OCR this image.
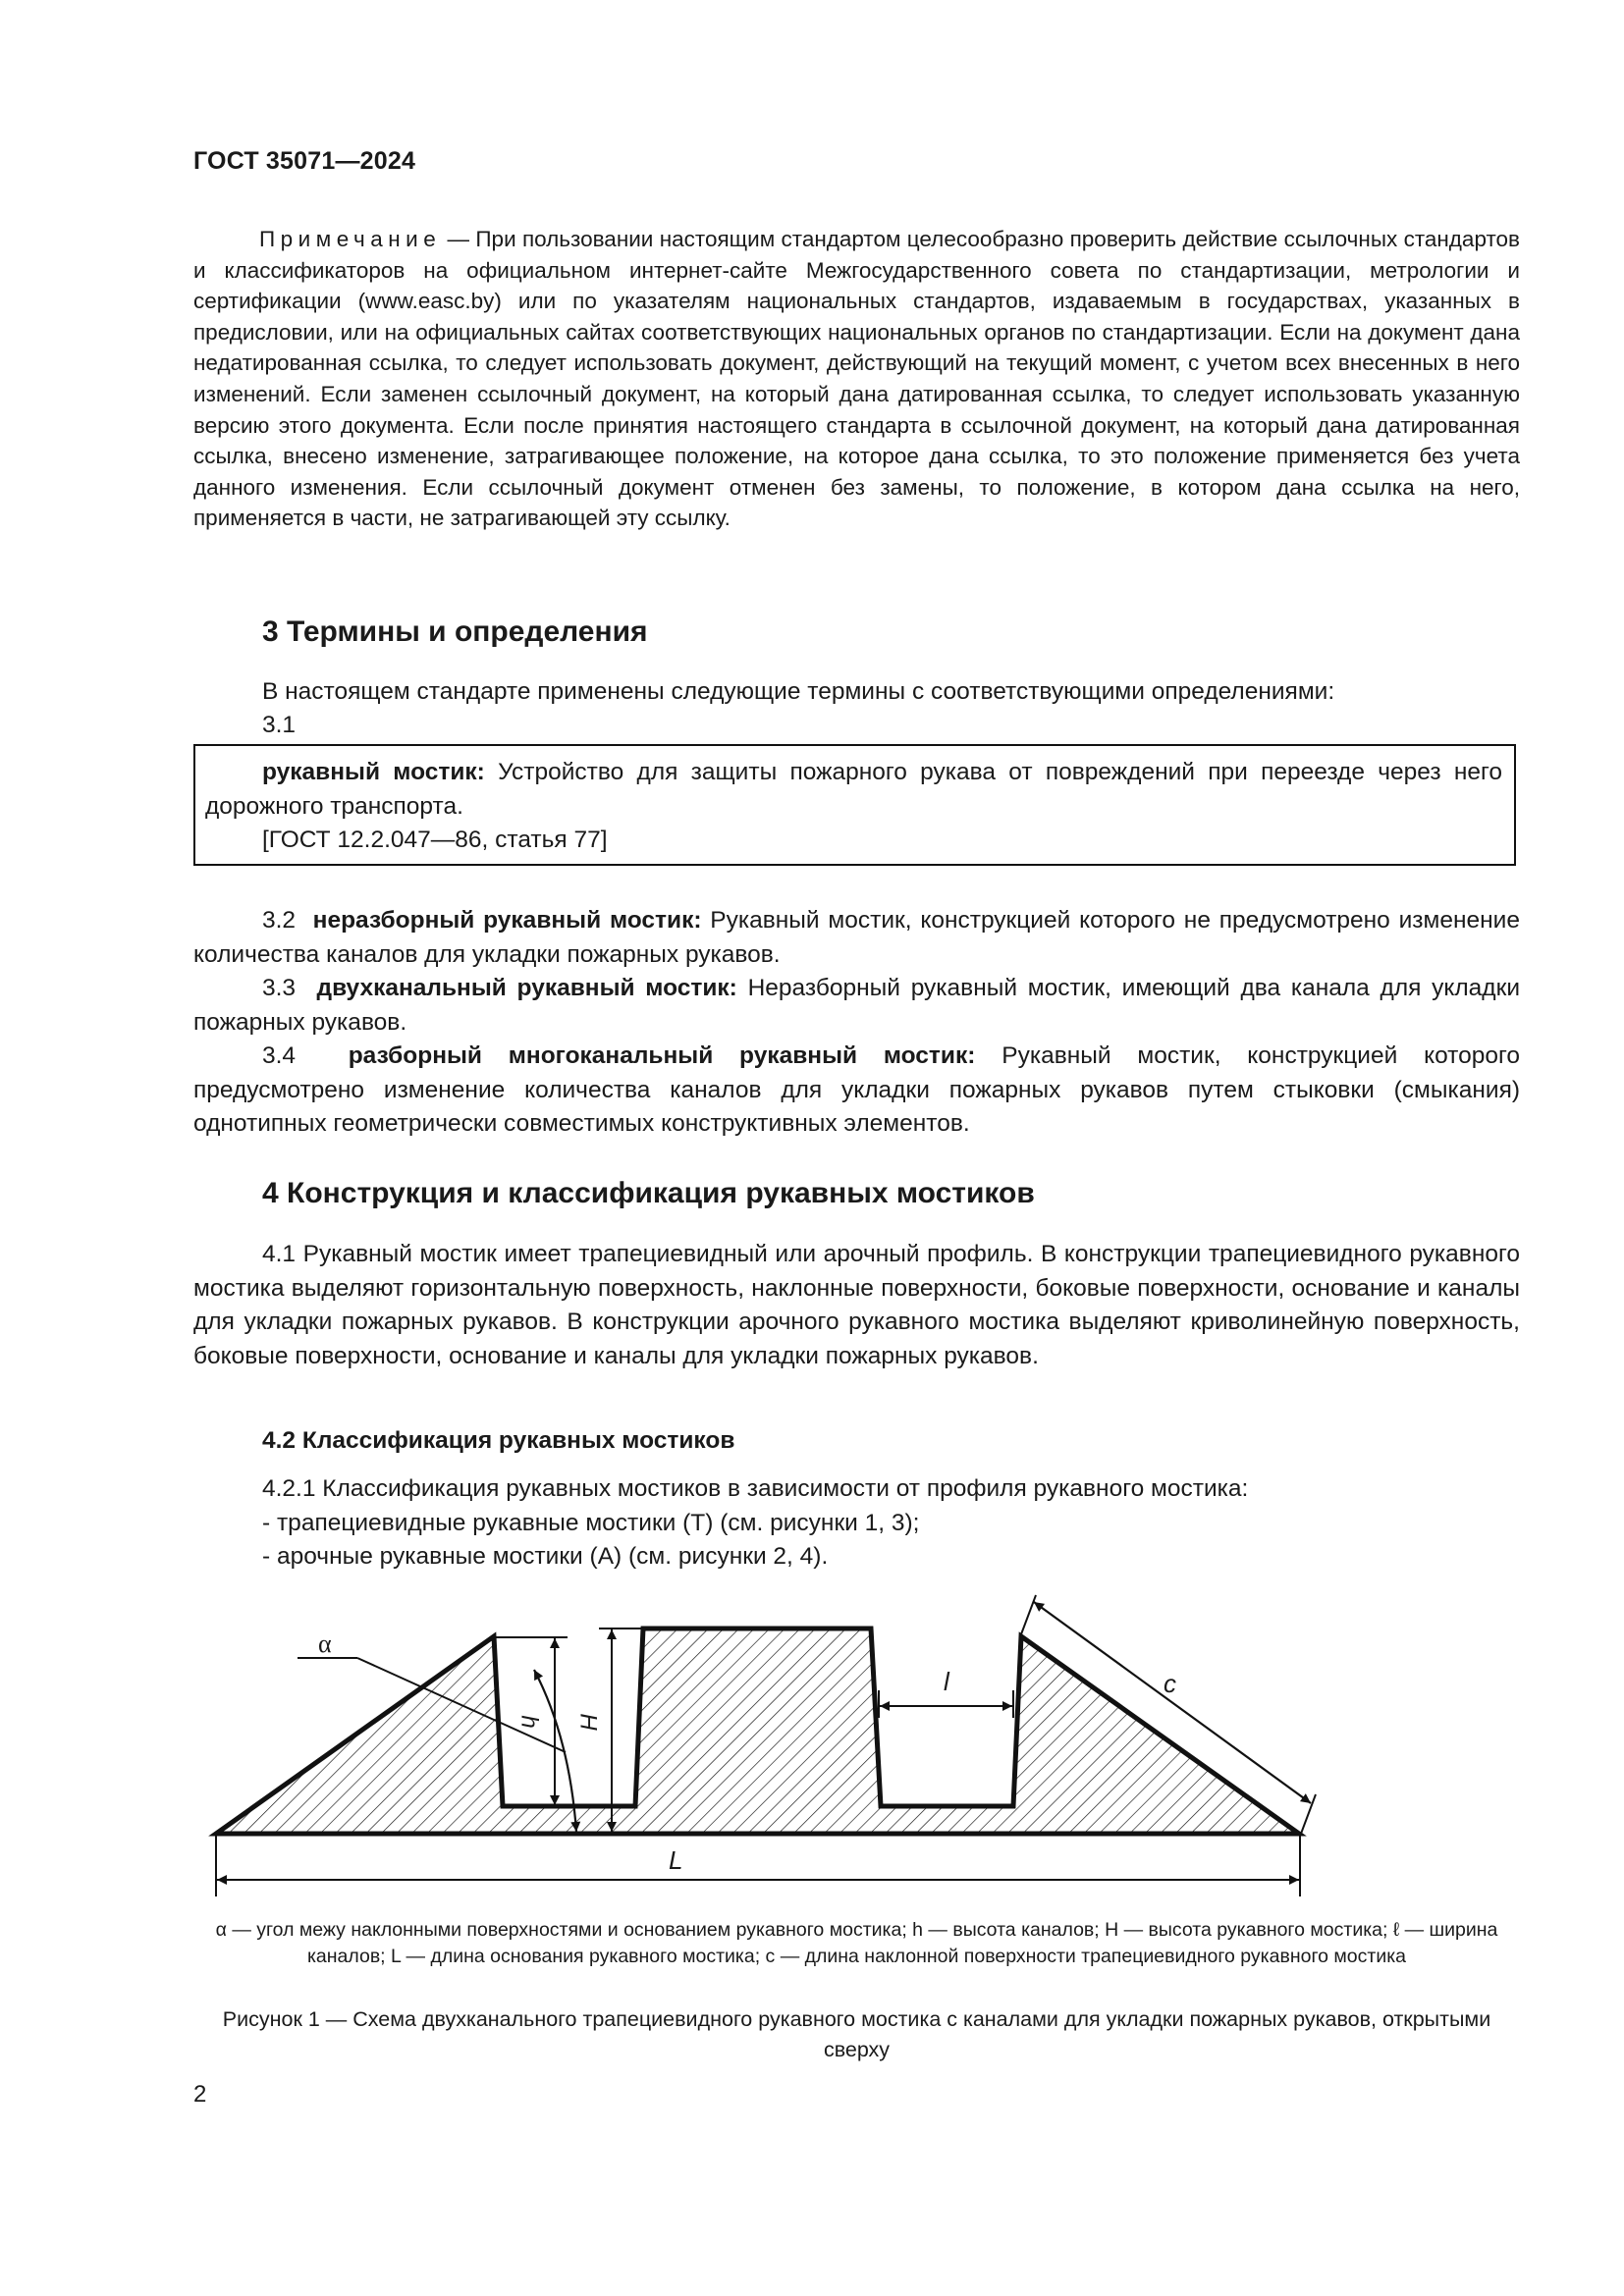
ГОСТ 35071—2024
Примечание — При пользовании настоящим стандартом целесообразно проверить действие ссылочных стандартов и классификаторов на официальном интернет-сайте Межгосударственного совета по стандартизации, метрологии и сертификации (www.easc.by) или по указателям национальных стандартов, издаваемым в государствах, указанных в предисловии, или на официальных сайтах соответствующих национальных органов по стандартизации. Если на документ дана недатированная ссылка, то следует использовать документ, действующий на текущий момент, с учетом всех внесенных в него изменений. Если заменен ссылочный документ, на который дана датированная ссылка, то следует использовать указанную версию этого документа. Если после принятия настоящего стандарта в ссылочной документ, на который дана датированная ссылка, внесено изменение, затрагивающее положение, на которое дана ссылка, то это положение применяется без учета данного изменения. Если ссылочный документ отменен без замены, то положение, в котором дана ссылка на него, применяется в части, не затрагивающей эту ссылку.
3 Термины и определения
В настоящем стандарте применены следующие термины с соответствующими определениями:
3.1

рукавный мостик: Устройство для защиты пожарного рукава от повреждений при переезде через него дорожного транспорта.

[ГОСТ 12.2.047—86, статья 77]

3.2 неразборный рукавный мостик: Рукавный мостик, конструкцией которого не предусмотрено изменение количества каналов для укладки пожарных рукавов.

3.3 двухканальный рукавный мостик: Неразборный рукавный мостик, имеющий два канала для укладки пожарных рукавов.

3.4 разборный многоканальный рукавный мостик: Рукавный мостик, конструкцией которого предусмотрено изменение количества каналов для укладки пожарных рукавов путем стыковки (смыкания) однотипных геометрически совместимых конструктивных элементов.

4 Конструкция и классификация рукавных мостиков

4.1 Рукавный мостик имеет трапециевидный или арочный профиль. В конструкции трапециевидного рукавного мостика выделяют горизонтальную поверхность, наклонные поверхности, боковые поверхности, основание и каналы для укладки пожарных рукавов. В конструкции арочного рукавного мостика выделяют криволинейную поверхность, боковые поверхности, основание и каналы для укладки пожарных рукавов.

4.2 Классификация рукавных мостиков

4.2.1 Классификация рукавных мостиков в зависимости от профиля рукавного мостика:

- трапециевидные рукавные мостики (Т) (см. рисунки 1, 3);

- арочные рукавные мостики (А) (см. рисунки 2, 4).

α
h H
l	c
L
α — угол межу наклонными поверхностями и основанием рукавного мостика; h — высота каналов; H — высота рукавного мостика; ℓ — ширина каналов; L — длина основания рукавного мостика; c — длина наклонной поверхности трапециевидного рукавного мостика
Рисунок 1 — Схема двухканального трапециевидного рукавного мостика с каналами для укладки пожарных рукавов, открытыми сверху
2
